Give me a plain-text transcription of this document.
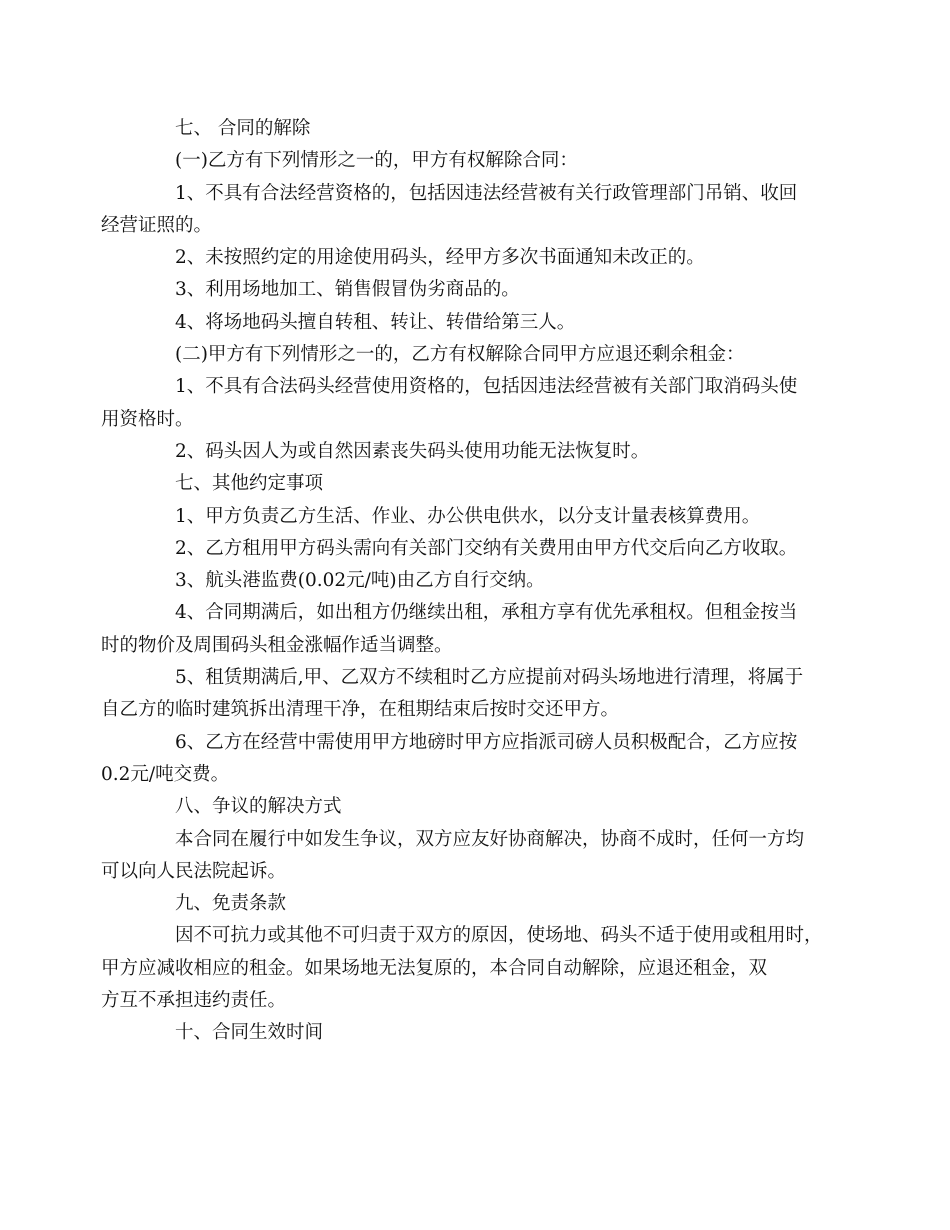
七、 合同的解除
(一)乙方有下列情形之一的，甲方有权解除合同：
1、不具有合法经营资格的，包括因违法经营被有关行政管理部门吊销、收回
经营证照的。
2、未按照约定的用途使用码头，经甲方多次书面通知未改正的。
3、利用场地加工、销售假冒伪劣商品的。
4、将场地码头擅自转租、转让、转借给第三人。
(二)甲方有下列情形之一的，乙方有权解除合同甲方应退还剩余租金：
1、不具有合法码头经营使用资格的，包括因违法经营被有关部门取消码头使
用资格时。
2、码头因人为或自然因素丧失码头使用功能无法恢复时。
七、其他约定事项
1、甲方负责乙方生活、作业、办公供电供水，以分支计量表核算费用。
2、乙方租用甲方码头需向有关部门交纳有关费用由甲方代交后向乙方收取。
3、航头港监费(0.02元/吨)由乙方自行交纳。
4、合同期满后，如出租方仍继续出租，承租方享有优先承租权。但租金按当
时的物价及周围码头租金涨幅作适当调整。
5、租赁期满后,甲、乙双方不续租时乙方应提前对码头场地进行清理，将属于
自乙方的临时建筑拆出清理干净，在租期结束后按时交还甲方。
6、乙方在经营中需使用甲方地磅时甲方应指派司磅人员积极配合，乙方应按
0.2元/吨交费。
八、争议的解决方式
本合同在履行中如发生争议，双方应友好协商解决，协商不成时，任何一方均
可以向人民法院起诉。
九、免责条款
因不可抗力或其他不可归责于双方的原因，使场地、码头不适于使用或租用时，
甲方应减收相应的租金。如果场地无法复原的，本合同自动解除，应退还租金，双
方互不承担违约责任。
十、合同生效时间
